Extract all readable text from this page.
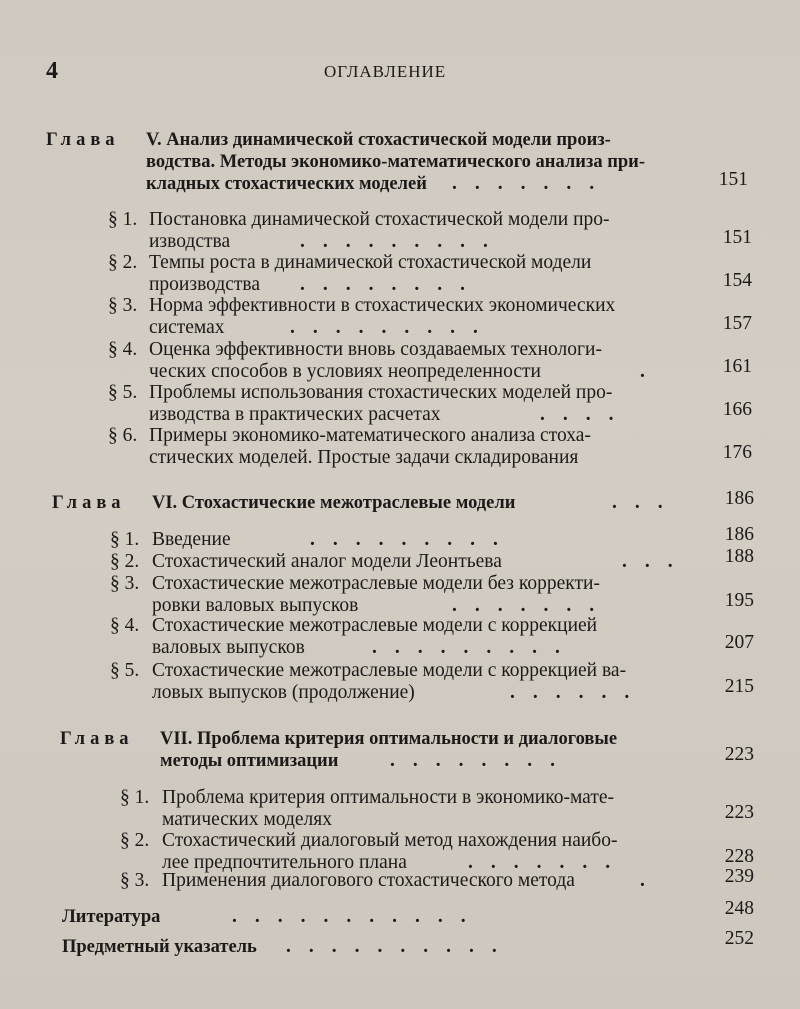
4	ОГЛАВЛЕНИЕ
Глава V. Анализ динамической стохастической модели произ-
водства. Методы экономико-математического анализа при-
кладных стохастических моделей .......	151
§ 1. Постановка динамической стохастической модели про-
изводства	.........	151
§ 2. Темпы роста в динамической стохастической модели
производства ........	154
§ 3. Норма эффективности в стохастических экономических
системах	.........	157
§ 4. Оценка эффективности вновь создаваемых технологи-
ческих способов в условиях неопределенности	.	161
§ 5. Проблемы использования стохастических моделей про-
изводства в практических расчетах	....	166
§ 6. Примеры экономико-математического анализа стоха-
стических моделей. Простые задачи складирования	176
Глава VI. Стохастические межотраслевые модели	...	186
§ 1. Введение	.........	186
§ 2. Стохастический аналог модели Леонтьева	...	188
§ 3. Стохастические межотраслевые модели без корректи-
ровки валовых выпусков	.......	195
§ 4. Стохастические межотраслевые модели с коррекцией
валовых выпусков	.........	207
§ 5. Стохастические межотраслевые модели с коррекцией ва-
ловых выпусков (продолжение)	......	215
Глава VII. Проблема критерия оптимальности и диалоговые
методы оптимизации	........	223
§ 1. Проблема критерия оптимальности в экономико-мате-
матических моделях	223
§ 2. Стохастический диалоговый метод нахождения наибо-
лее предпочтительного плана	.......	228
§ 3. Применения диалогового стохастического метода	.	239
Литература	...........	248
Предметный указатель ..........	252
